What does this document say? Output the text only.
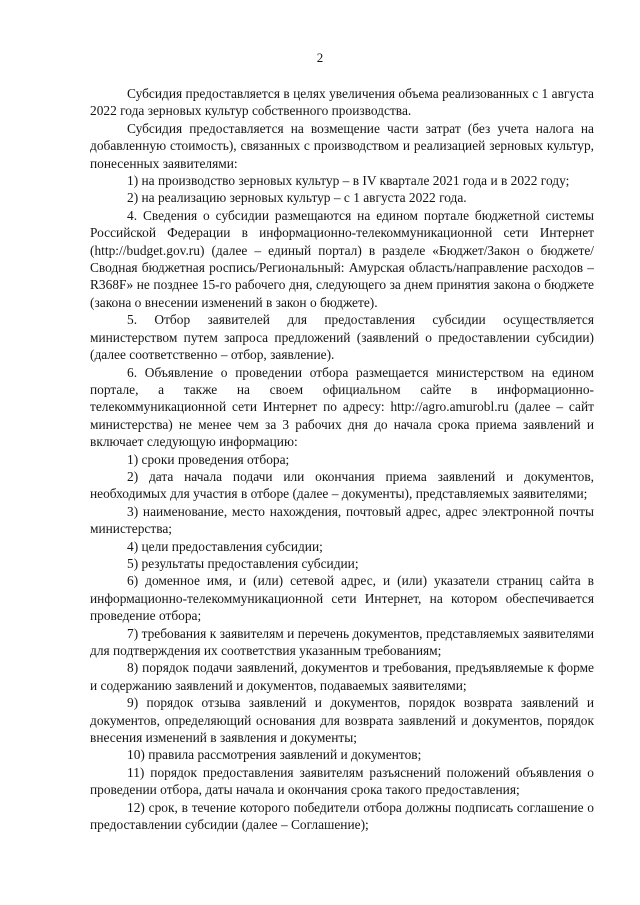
2

Субсидия предоставляется в целях увеличения объема реализованных с 1 августа 2022 года зерновых культур собственного производства.

Субсидия предоставляется на возмещение части затрат (без учета налога на добавленную стоимость), связанных с производством и реализацией зерновых культур, понесенных заявителями:

1) на производство зерновых культур – в IV квартале 2021 года и в 2022 году;

2) на реализацию зерновых культур – с 1 августа 2022 года.

4. Сведения о субсидии размещаются на едином портале бюджетной системы Российской Федерации в информационно-телекоммуникационной сети Интернет (http://budget.gov.ru) (далее – единый портал) в разделе «Бюджет/Закон о бюджете/Сводная бюджетная роспись/Региональный: Амурская область/направление расходов – R368F» не позднее 15-го рабочего дня, следующего за днем принятия закона о бюджете (закона о внесении изменений в закон о бюджете).

5. Отбор заявителей для предоставления субсидии осуществляется министерством путем запроса предложений (заявлений о предоставлении субсидии) (далее соответственно – отбор, заявление).

6. Объявление о проведении отбора размещается министерством на едином портале, а также на своем официальном сайте в информационно-телекоммуникационной сети Интернет по адресу: http://agro.amurobl.ru (далее – сайт министерства) не менее чем за 3 рабочих дня до начала срока приема заявлений и включает следующую информацию:

1) сроки проведения отбора;

2) дата начала подачи или окончания приема заявлений и документов, необходимых для участия в отборе (далее – документы), представляемых заявителями;

3) наименование, место нахождения, почтовый адрес, адрес электронной почты министерства;

4) цели предоставления субсидии;

5) результаты предоставления субсидии;

6) доменное имя, и (или) сетевой адрес, и (или) указатели страниц сайта в информационно-телекоммуникационной сети Интернет, на котором обеспечивается проведение отбора;

7) требования к заявителям и перечень документов, представляемых заявителями для подтверждения их соответствия указанным требованиям;

8) порядок подачи заявлений, документов и требования, предъявляемые к форме и содержанию заявлений и документов, подаваемых заявителями;

9) порядок отзыва заявлений и документов, порядок возврата заявлений и документов, определяющий основания для возврата заявлений и документов, порядок внесения изменений в заявления и документы;

10) правила рассмотрения заявлений и документов;

11) порядок предоставления заявителям разъяснений положений объявления о проведении отбора, даты начала и окончания срока такого предоставления;

12) срок, в течение которого победители отбора должны подписать соглашение о предоставлении субсидии (далее – Соглашение);
